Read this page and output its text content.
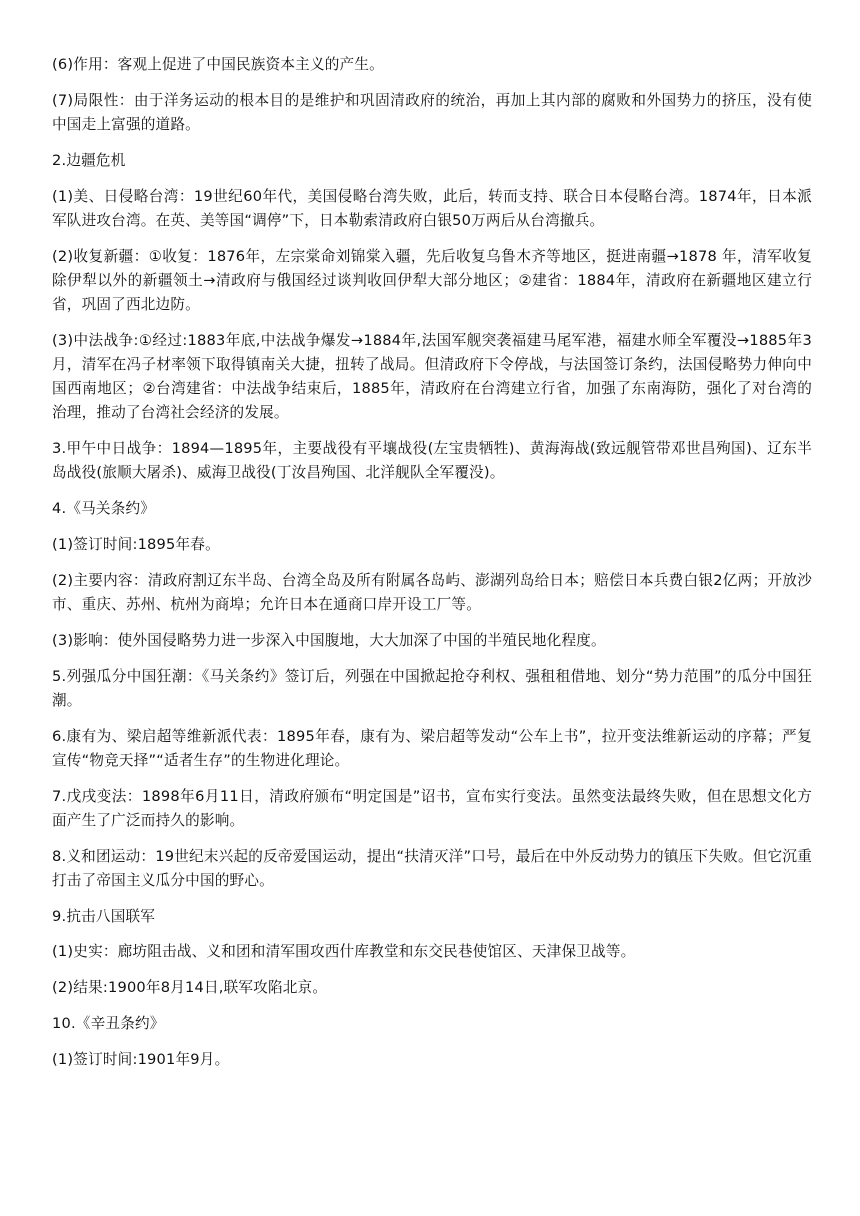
(6)作用：客观上促进了中国民族资本主义的产生。

(7)局限性：由于洋务运动的根本目的是维护和巩固清政府的统治，再加上其内部的腐败和外国势力的挤压，没有使中国走上富强的道路。

2.边疆危机

(1)美、日侵略台湾：19世纪60年代，美国侵略台湾失败，此后，转而支持、联合日本侵略台湾。1874年，日本派军队进攻台湾。在英、美等国“调停”下，日本勒索清政府白银50万两后从台湾撤兵。

(2)收复新疆：①收复：1876年，左宗棠命刘锦棠入疆，先后收复乌鲁木齐等地区，挺进南疆→1878 年，清军收复除伊犁以外的新疆领土→清政府与俄国经过谈判收回伊犁大部分地区；②建省：1884年，清政府在新疆地区建立行省，巩固了西北边防。

(3)中法战争:①经过:1883年底,中法战争爆发→1884年,法国军舰突袭福建马尾军港，福建水师全军覆没→1885年3月，清军在冯子材率领下取得镇南关大捷，扭转了战局。但清政府下令停战，与法国签订条约，法国侵略势力伸向中国西南地区；②台湾建省：中法战争结束后，1885年，清政府在台湾建立行省，加强了东南海防，强化了对台湾的治理，推动了台湾社会经济的发展。

3.甲午中日战争：1894—1895年，主要战役有平壤战役(左宝贵牺牲)、黄海海战(致远舰管带邓世昌殉国)、辽东半岛战役(旅顺大屠杀)、威海卫战役(丁汝昌殉国、北洋舰队全军覆没)。

4.《马关条约》

(1)签订时间:1895年春。

(2)主要内容：清政府割辽东半岛、台湾全岛及所有附属各岛屿、澎湖列岛给日本；赔偿日本兵费白银2亿两；开放沙市、重庆、苏州、杭州为商埠；允许日本在通商口岸开设工厂等。

(3)影响：使外国侵略势力进一步深入中国腹地，大大加深了中国的半殖民地化程度。

5.列强瓜分中国狂潮：《马关条约》签订后，列强在中国掀起抢夺利权、强租租借地、划分“势力范围”的瓜分中国狂潮。

6.康有为、梁启超等维新派代表：1895年春，康有为、梁启超等发动“公车上书”，拉开变法维新运动的序幕；严复宣传“物竞天择”“适者生存”的生物进化理论。

7.戊戌变法：1898年6月11日，清政府颁布“明定国是”诏书，宣布实行变法。虽然变法最终失败，但在思想文化方面产生了广泛而持久的影响。

8.义和团运动：19世纪末兴起的反帝爱国运动，提出“扶清灭洋”口号，最后在中外反动势力的镇压下失败。但它沉重打击了帝国主义瓜分中国的野心。

9.抗击八国联军

(1)史实：廊坊阻击战、义和团和清军围攻西什库教堂和东交民巷使馆区、天津保卫战等。

(2)结果:1900年8月14日,联军攻陷北京。

10.《辛丑条约》

(1)签订时间:1901年9月。
